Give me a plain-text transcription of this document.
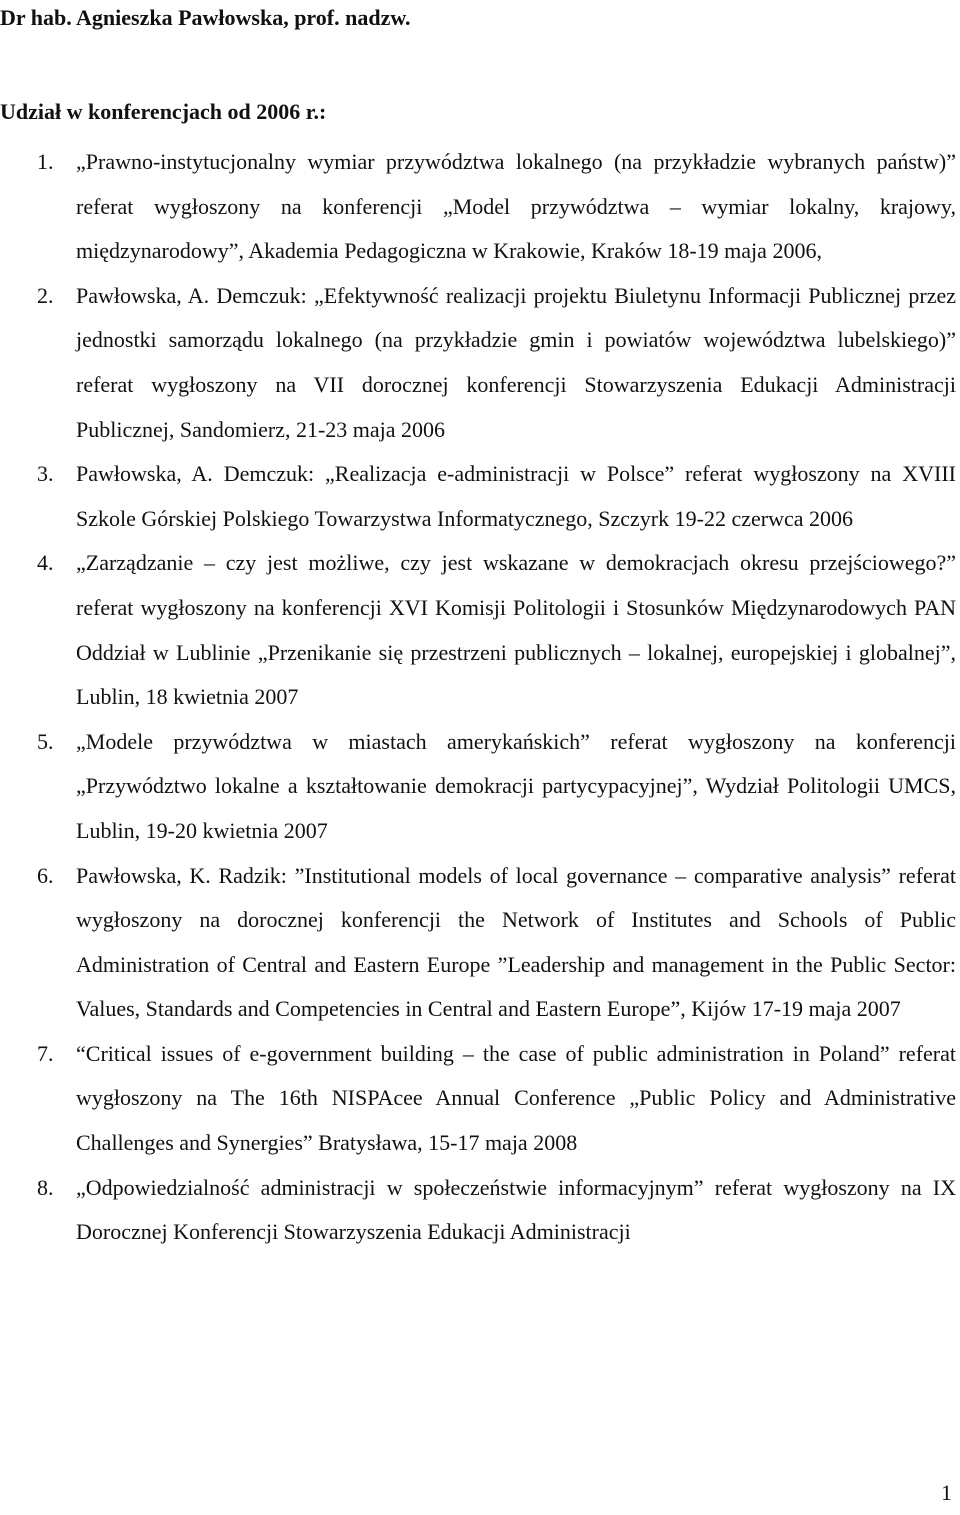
Dr hab. Agnieszka Pawłowska, prof. nadzw.
Udział w konferencjach od 2006 r.:
1.	„Prawno-instytucjonalny wymiar przywództwa lokalnego (na przykładzie wybranych państw)” referat wygłoszony na konferencji „Model przywództwa – wymiar lokalny, krajowy, międzynarodowy”, Akademia Pedagogiczna w Krakowie, Kraków 18-19 maja 2006,
2.	Pawłowska, A. Demczuk: „Efektywność realizacji projektu Biuletynu Informacji Publicznej przez jednostki samorządu lokalnego (na przykładzie gmin i powiatów województwa lubelskiego)” referat wygłoszony na VII dorocznej konferencji Stowarzyszenia Edukacji Administracji Publicznej, Sandomierz, 21-23 maja 2006
3.	Pawłowska, A. Demczuk: „Realizacja e-administracji w Polsce” referat wygłoszony na XVIII Szkole Górskiej Polskiego Towarzystwa Informatycznego, Szczyrk 19-22 czerwca 2006
4.	„Zarządzanie – czy jest możliwe, czy jest wskazane w demokracjach okresu przejściowego?” referat wygłoszony na konferencji XVI Komisji Politologii i Stosunków Międzynarodowych PAN Oddział w Lublinie „Przenikanie się przestrzeni publicznych – lokalnej, europejskiej i globalnej”, Lublin, 18 kwietnia 2007
5.	„Modele przywództwa w miastach amerykańskich” referat wygłoszony na konferencji „Przywództwo lokalne a kształtowanie demokracji partycypacyjnej”, Wydział Politologii UMCS, Lublin, 19-20 kwietnia 2007
6.	Pawłowska, K. Radzik: ”Institutional models of local governance – comparative analysis” referat wygłoszony na dorocznej konferencji the Network of Institutes and Schools of Public Administration of Central and Eastern Europe ”Leadership and management in the Public Sector: Values, Standards and Competencies in Central and Eastern Europe”, Kijów 17-19 maja 2007
7.	“Critical issues of e-government building – the case of public administration in Poland” referat wygłoszony na The 16th NISPAcee Annual Conference „Public Policy and Administrative Challenges and Synergies” Bratysława, 15-17 maja 2008
8.	„Odpowiedzialność administracji w społeczeństwie informacyjnym” referat wygłoszony na IX Dorocznej Konferencji Stowarzyszenia Edukacji Administracji
1
